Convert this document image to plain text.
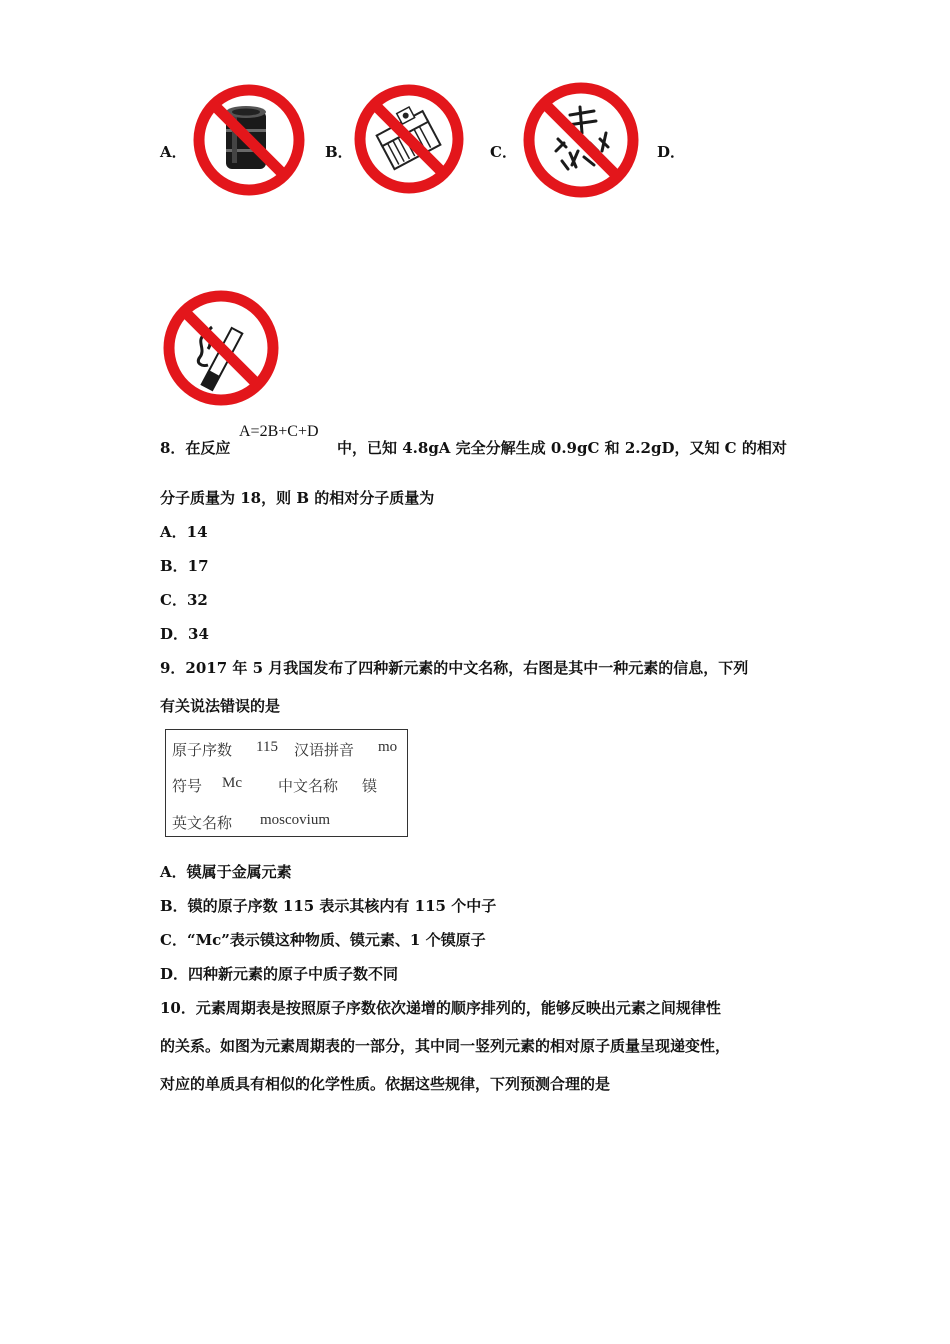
A．	B．	C．	D．
8．在反应
A=2B+C+D
中，已知 4.8gA 完全分解生成 0.9gC 和 2.2gD，又知 C 的相对
分子质量为 18，则 B 的相对分子质量为
A．14
B．17
C．32
D．34
9．2017 年 5 月我国发布了四种新元素的中文名称，右图是其中一种元素的信息，下列
有关说法错误的是
原子序数 115 汉语拼音 mo
符号 Mc 中文名称 镆
英文名称 moscovium
A．镆属于金属元素
B．镆的原子序数 115 表示其核内有 115 个中子
C．“Mc”表示镆这种物质、镆元素、1 个镆原子
D．四种新元素的原子中质子数不同
10．元素周期表是按照原子序数依次递增的顺序排列的，能够反映出元素之间规律性
的关系。如图为元素周期表的一部分，其中同一竖列元素的相对原子质量呈现递变性，
对应的单质具有相似的化学性质。依据这些规律，下列预测合理的是
